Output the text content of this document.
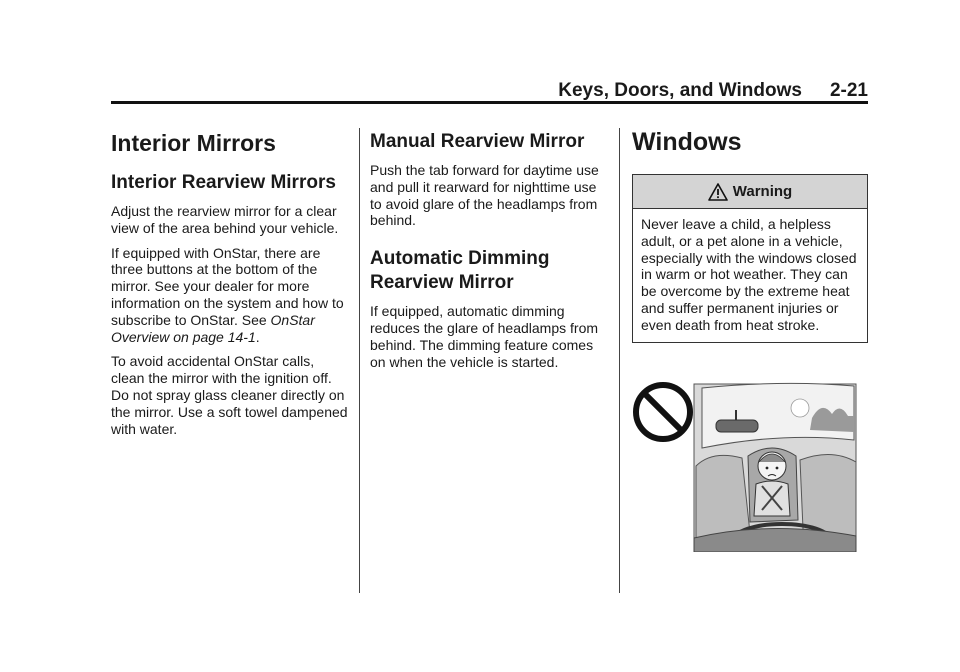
Keys, Doors, and Windows 2-21
Interior Mirrors
Interior Rearview Mirrors

Adjust the rearview mirror for a clear view of the area behind your vehicle.

If equipped with OnStar, there are three buttons at the bottom of the mirror. See your dealer for more information on the system and how to subscribe to OnStar. See OnStar Overview on page 14-1.

To avoid accidental OnStar calls, clean the mirror with the ignition off. Do not spray glass cleaner directly on the mirror. Use a soft towel dampened with water.

Manual Rearview Mirror

Push the tab forward for daytime use and pull it rearward for nighttime use to avoid glare of the headlamps from behind.

Automatic Dimming Rearview Mirror

If equipped, automatic dimming reduces the glare of headlamps from behind. The dimming feature comes on when the vehicle is started.

Windows
Warning

Never leave a child, a helpless adult, or a pet alone in a vehicle, especially with the windows closed in warm or hot weather. They can be overcome by the extreme heat and suffer permanent injuries or even death from heat stroke.
